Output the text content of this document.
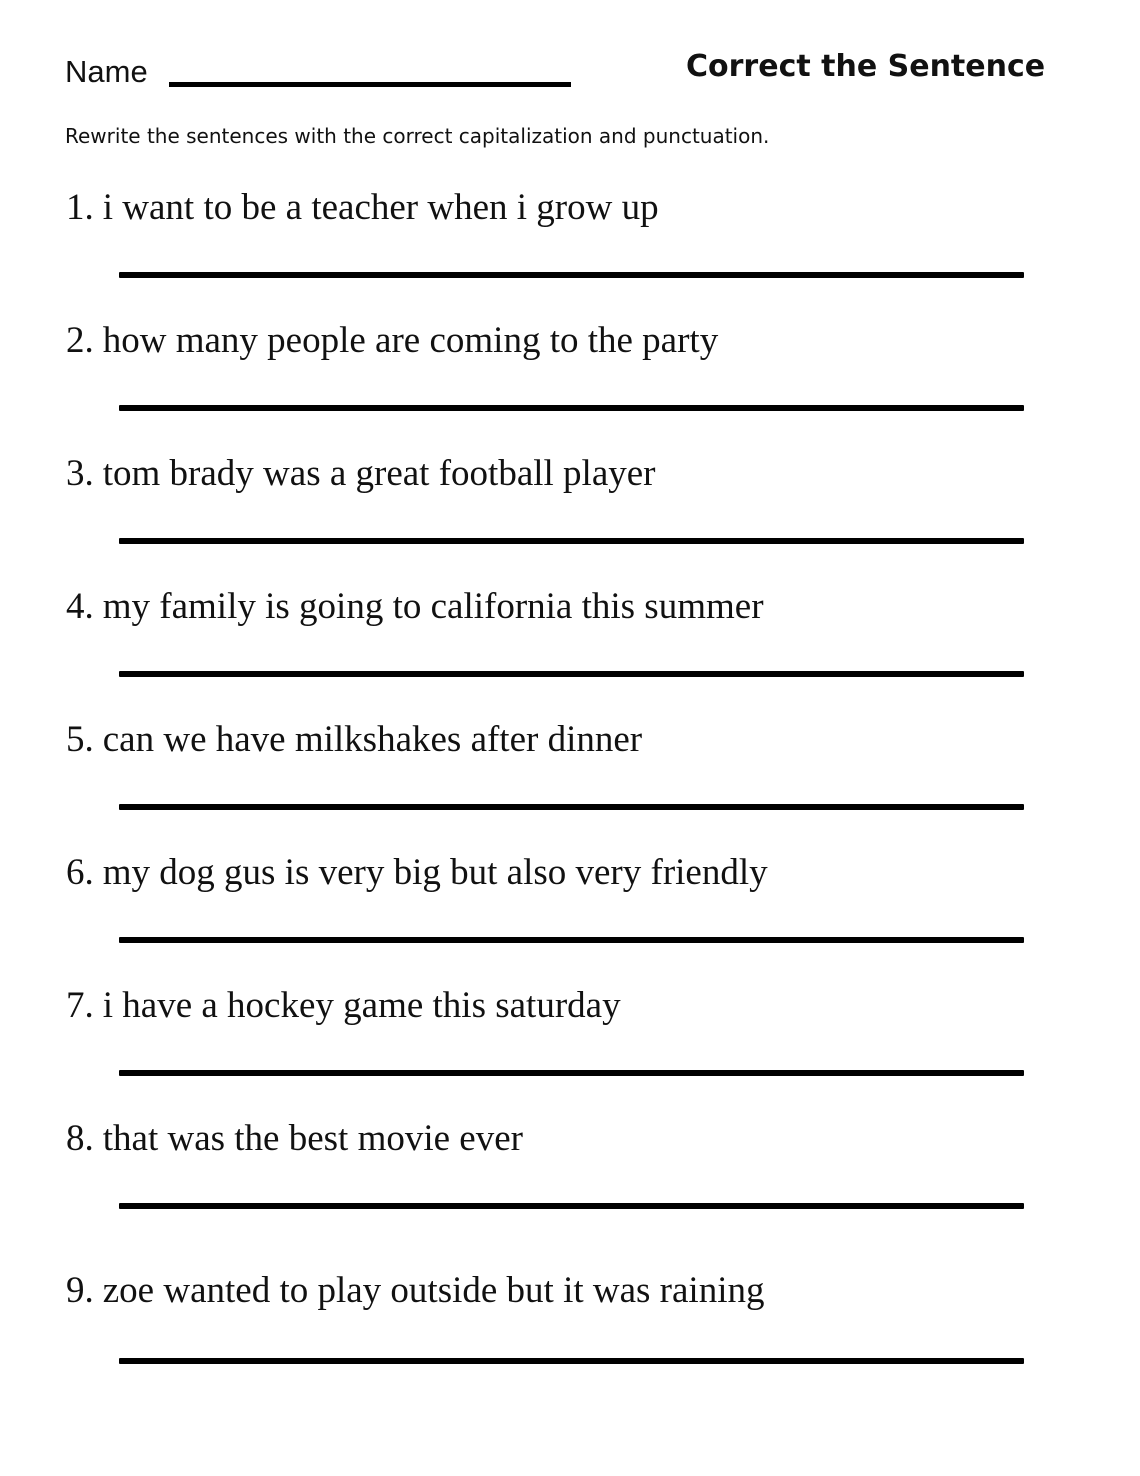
Name	Correct the Sentence
Rewrite the sentences with the correct capitalization and punctuation.
1. i want to be a teacher when i grow up
2. how many people are coming to the party
3. tom brady was a great football player
4. my family is going to california this summer
5. can we have milkshakes after dinner
6. my dog gus is very big but also very friendly
7. i have a hockey game this saturday
8. that was the best movie ever
9. zoe wanted to play outside but it was raining
